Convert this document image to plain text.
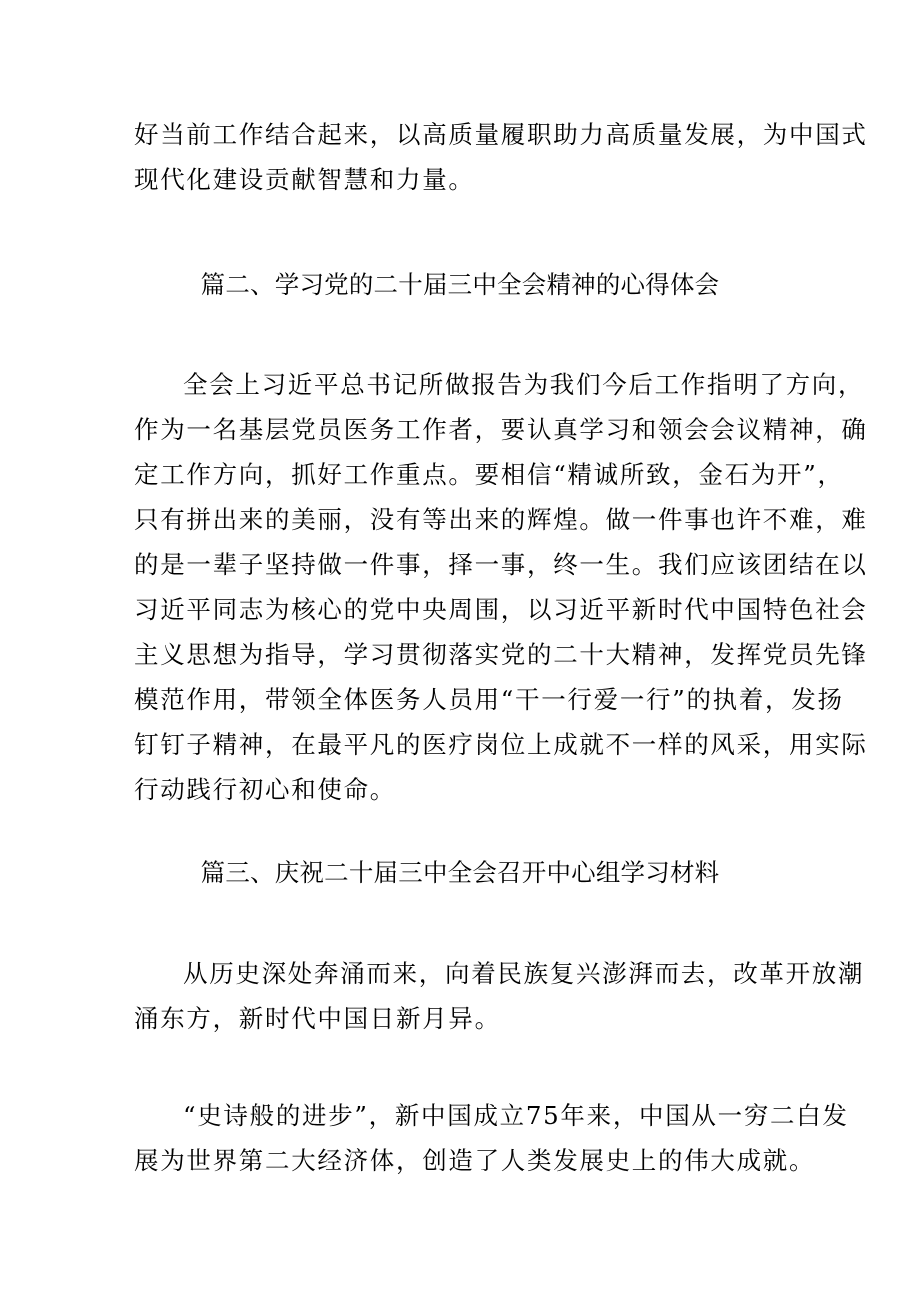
好当前工作结合起来，以高质量履职助力高质量发展，为中国式
现代化建设贡献智慧和力量。
篇二、学习党的二十届三中全会精神的心得体会
全会上习近平总书记所做报告为我们今后工作指明了方向，
作为一名基层党员医务工作者，要认真学习和领会会议精神，确
定工作方向，抓好工作重点。要相信“精诚所致，金石为开”，
只有拼出来的美丽，没有等出来的辉煌。做一件事也许不难，难
的是一辈子坚持做一件事，择一事，终一生。我们应该团结在以
习近平同志为核心的党中央周围，以习近平新时代中国特色社会
主义思想为指导，学习贯彻落实党的二十大精神，发挥党员先锋
模范作用，带领全体医务人员用“干一行爱一行”的执着，发扬
钉钉子精神，在最平凡的医疗岗位上成就不一样的风采，用实际
行动践行初心和使命。
篇三、庆祝二十届三中全会召开中心组学习材料
从历史深处奔涌而来，向着民族复兴澎湃而去，改革开放潮
涌东方，新时代中国日新月异。
“史诗般的进步”，新中国成立75年来，中国从一穷二白发
展为世界第二大经济体，创造了人类发展史上的伟大成就。
